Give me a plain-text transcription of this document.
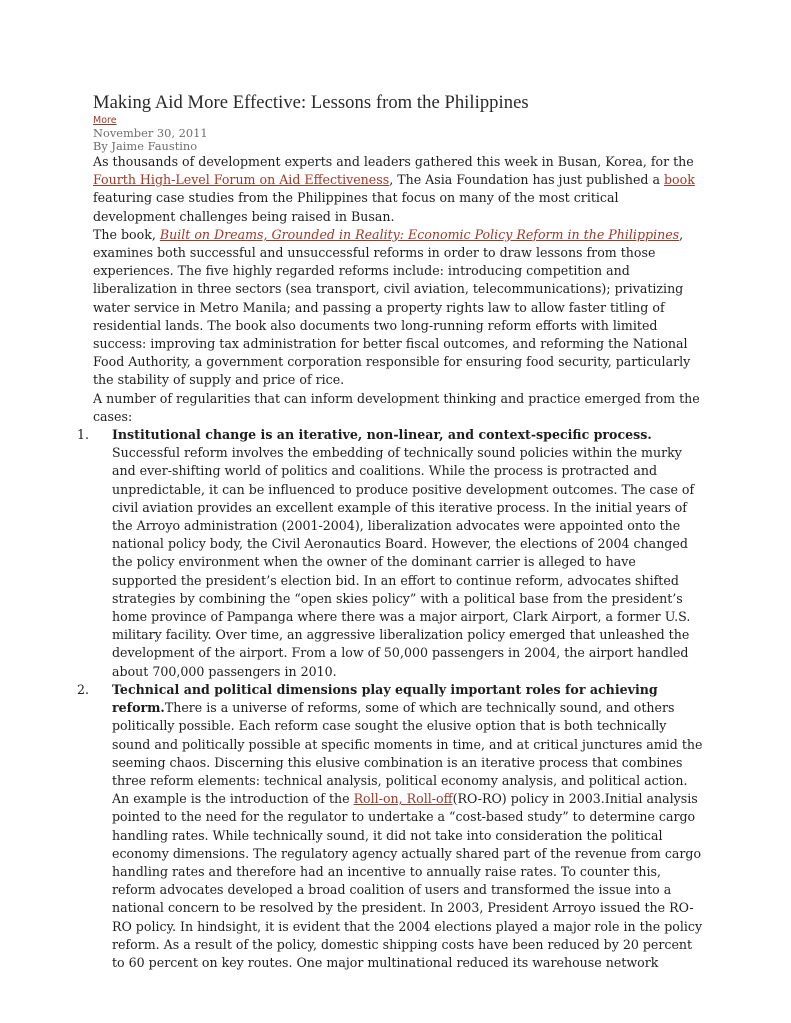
Making Aid More Effective: Lessons from the Philippines
More
November 30, 2011
By Jaime Faustino

As thousands of development experts and leaders gathered this week in Busan, Korea, for the Fourth High-Level Forum on Aid Effectiveness, The Asia Foundation has just published a book featuring case studies from the Philippines that focus on many of the most critical development challenges being raised in Busan.

The book, Built on Dreams, Grounded in Reality: Economic Policy Reform in the Philippines, examines both successful and unsuccessful reforms in order to draw lessons from those experiences. The five highly regarded reforms include: introducing competition and liberalization in three sectors (sea transport, civil aviation, telecommunications); privatizing water service in Metro Manila; and passing a property rights law to allow faster titling of residential lands. The book also documents two long-running reform efforts with limited success: improving tax administration for better fiscal outcomes, and reforming the National Food Authority, a government corporation responsible for ensuring food security, particularly the stability of supply and price of rice.

A number of regularities that can inform development thinking and practice emerged from the cases:

1. Institutional change is an iterative, non-linear, and context-specific process. Successful reform involves the embedding of technically sound policies within the murky and ever-shifting world of politics and coalitions. While the process is protracted and unpredictable, it can be influenced to produce positive development outcomes. The case of civil aviation provides an excellent example of this iterative process. In the initial years of the Arroyo administration (2001-2004), liberalization advocates were appointed onto the national policy body, the Civil Aeronautics Board. However, the elections of 2004 changed the policy environment when the owner of the dominant carrier is alleged to have supported the president’s election bid. In an effort to continue reform, advocates shifted strategies by combining the “open skies policy” with a political base from the president’s home province of Pampanga where there was a major airport, Clark Airport, a former U.S. military facility. Over time, an aggressive liberalization policy emerged that unleashed the development of the airport. From a low of 50,000 passengers in 2004, the airport handled about 700,000 passengers in 2010.
2. Technical and political dimensions play equally important roles for achieving reform.There is a universe of reforms, some of which are technically sound, and others politically possible. Each reform case sought the elusive option that is both technically sound and politically possible at specific moments in time, and at critical junctures amid the seeming chaos. Discerning this elusive combination is an iterative process that combines three reform elements: technical analysis, political economy analysis, and political action. An example is the introduction of the Roll-on, Roll-off(RO-RO) policy in 2003.Initial analysis pointed to the need for the regulator to undertake a “cost-based study” to determine cargo handling rates. While technically sound, it did not take into consideration the political economy dimensions. The regulatory agency actually shared part of the revenue from cargo handling rates and therefore had an incentive to annually raise rates. To counter this, reform advocates developed a broad coalition of users and transformed the issue into a national concern to be resolved by the president. In 2003, President Arroyo issued the RO-RO policy. In hindsight, it is evident that the 2004 elections played a major role in the policy reform. As a result of the policy, domestic shipping costs have been reduced by 20 percent to 60 percent on key routes. One major multinational reduced its warehouse network
